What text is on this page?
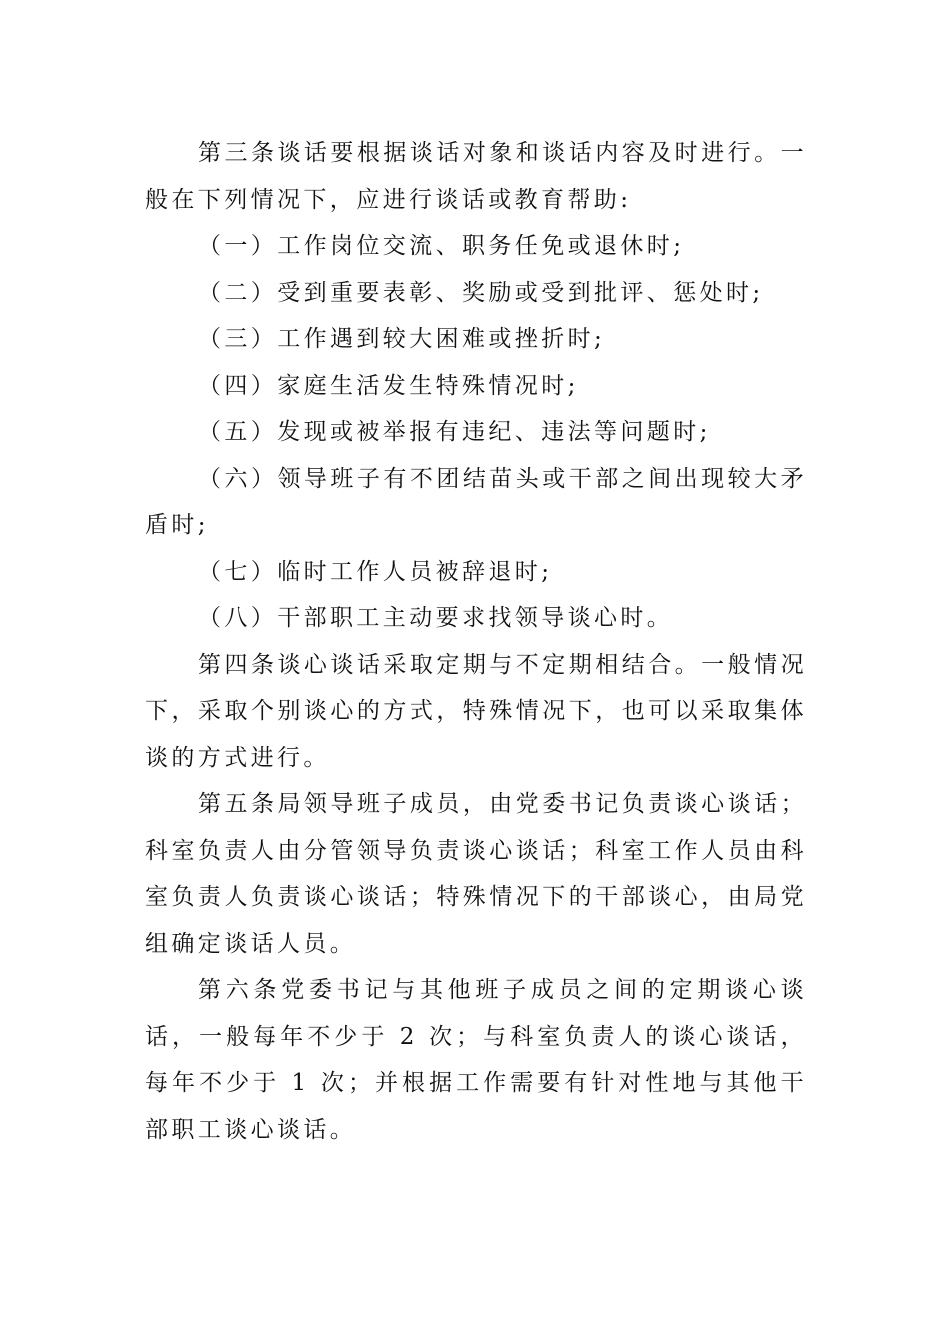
第三条谈话要根据谈话对象和谈话内容及时进行。一般在下列情况下，应进行谈话或教育帮助:

（一）工作岗位交流、职务任免或退休时;

（二）受到重要表彰、奖励或受到批评、惩处时;

（三）工作遇到较大困难或挫折时;

（四）家庭生活发生特殊情况时;

（五）发现或被举报有违纪、违法等问题时;

（六）领导班子有不团结苗头或干部之间出现较大矛盾时;

（七）临时工作人员被辞退时;

（八）干部职工主动要求找领导谈心时。

第四条谈心谈话采取定期与不定期相结合。一般情况下，采取个别谈心的方式，特殊情况下，也可以采取集体谈的方式进行。

第五条局领导班子成员，由党委书记负责谈心谈话；科室负责人由分管领导负责谈心谈话；科室工作人员由科室负责人负责谈心谈话；特殊情况下的干部谈心，由局党组确定谈话人员。

第六条党委书记与其他班子成员之间的定期谈心谈话，一般每年不少于 2 次；与科室负责人的谈心谈话，每年不少于 1 次；并根据工作需要有针对性地与其他干部职工谈心谈话。
